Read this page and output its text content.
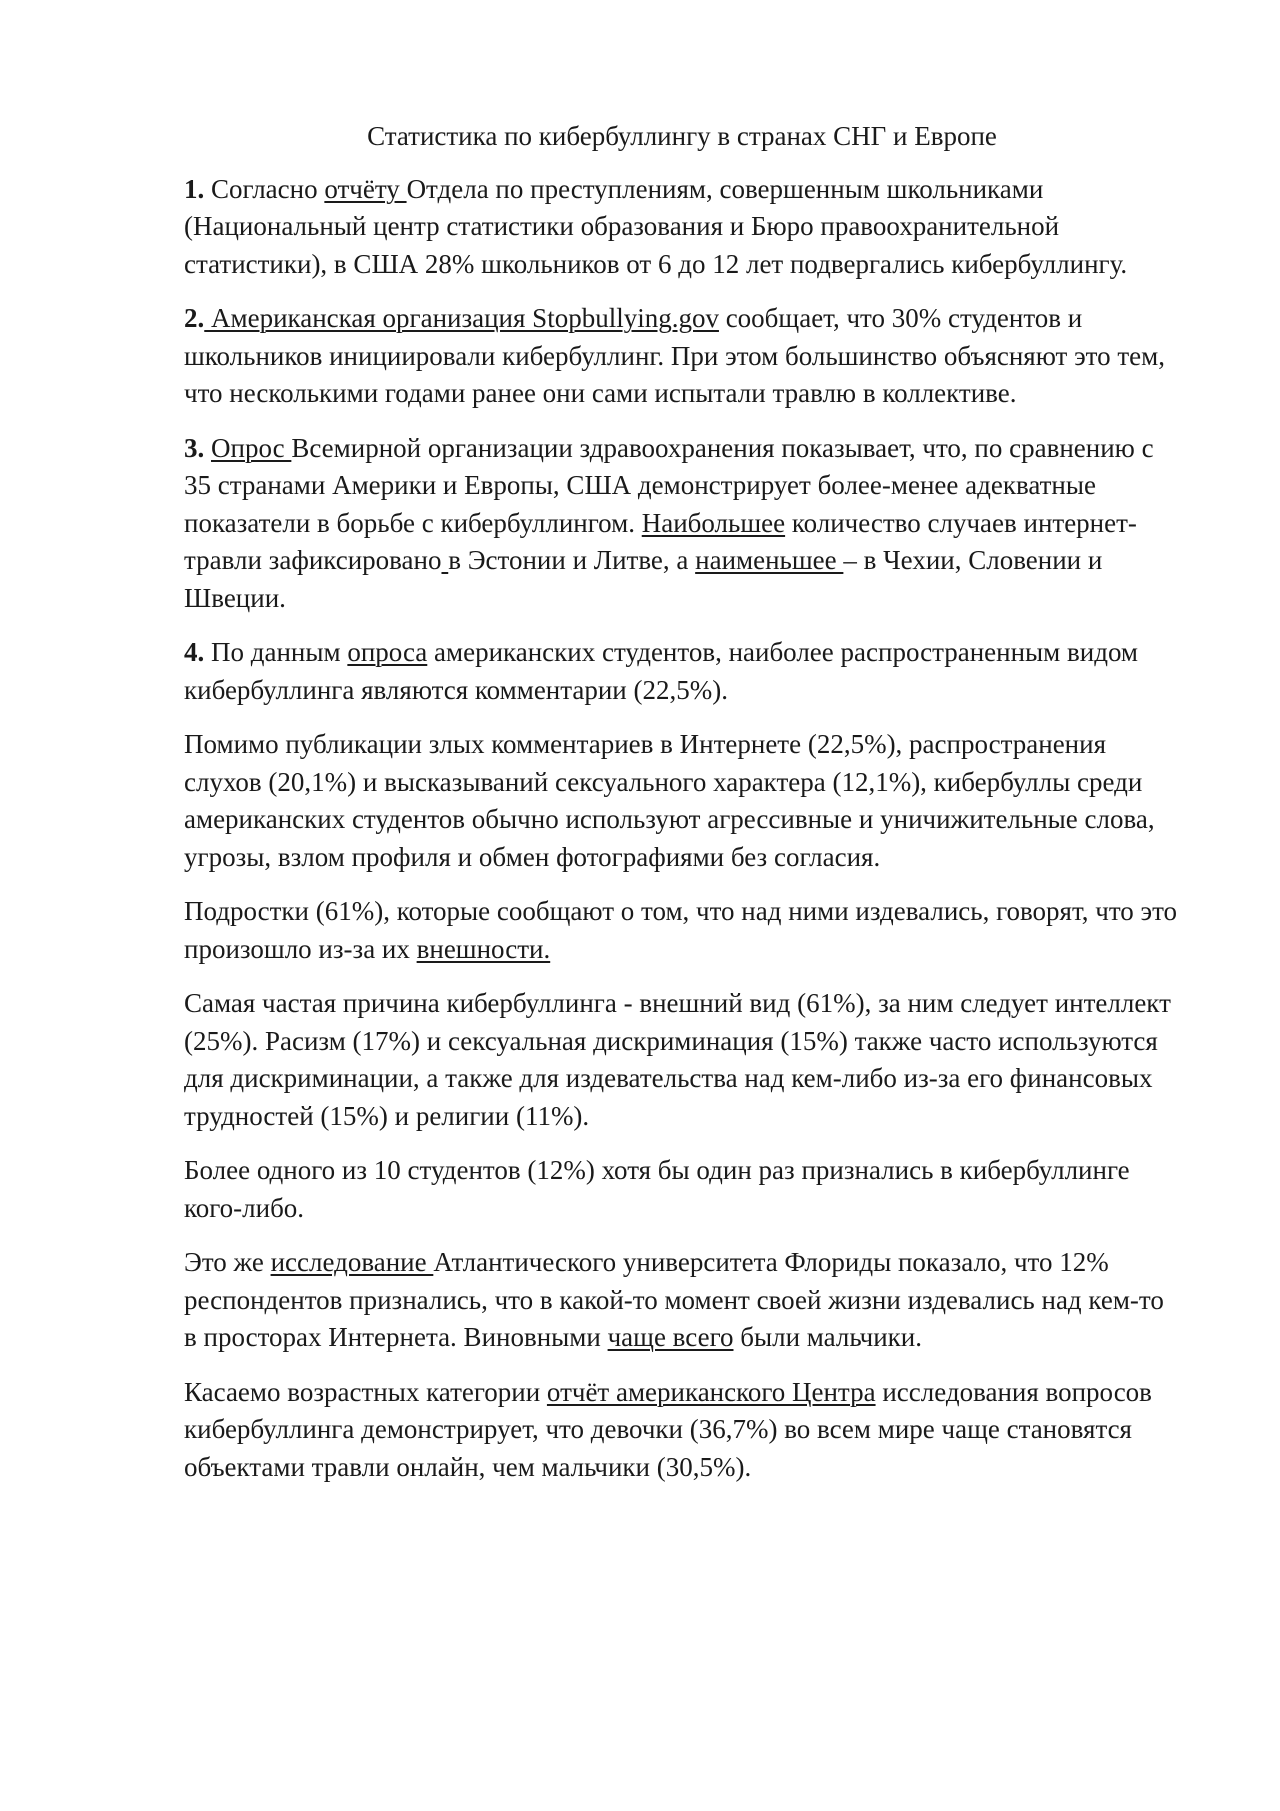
Статистика по кибербуллингу в странах СНГ и Европе

1. Согласно отчёту Отдела по преступлениям, совершенным школьниками (Национальный центр статистики образования и Бюро правоохранительной статистики), в США 28% школьников от 6 до 12 лет подвергались кибербуллингу.

2. Американская организация Stopbullying.gov сообщает, что 30% студентов и школьников инициировали кибербуллинг. При этом большинство объясняют это тем, что несколькими годами ранее они сами испытали травлю в коллективе.

3. Опрос Всемирной организации здравоохранения показывает, что, по сравнению с 35 странами Америки и Европы, США демонстрирует более-менее адекватные показатели в борьбе с кибербуллингом. Наибольшее количество случаев интернет-травли зафиксировано в Эстонии и Литве, а наименьшее – в Чехии, Словении и Швеции.

4. По данным опроса американских студентов, наиболее распространенным видом кибербуллинга являются комментарии (22,5%).

Помимо публикации злых комментариев в Интернете (22,5%), распространения слухов (20,1%) и высказываний сексуального характера (12,1%), кибербуллы среди американских студентов обычно используют агрессивные и уничижительные слова, угрозы, взлом профиля и обмен фотографиями без согласия.

Подростки (61%), которые сообщают о том, что над ними издевались, говорят, что это произошло из-за их внешности.

Самая частая причина кибербуллинга - внешний вид (61%), за ним следует интеллект (25%). Расизм (17%) и сексуальная дискриминация (15%) также часто используются для дискриминации, а также для издевательства над кем-либо из-за его финансовых трудностей (15%) и религии (11%).

Более одного из 10 студентов (12%) хотя бы один раз признались в кибербуллинге кого-либо.

Это же исследование Атлантического университета Флориды показало, что 12% респондентов признались, что в какой-то момент своей жизни издевались над кем-то в просторах Интернета. Виновными чаще всего были мальчики.

Касаемо возрастных категории отчёт американского Центра исследования вопросов кибербуллинга демонстрирует, что девочки (36,7%) во всем мире чаще становятся объектами травли онлайн, чем мальчики (30,5%).
